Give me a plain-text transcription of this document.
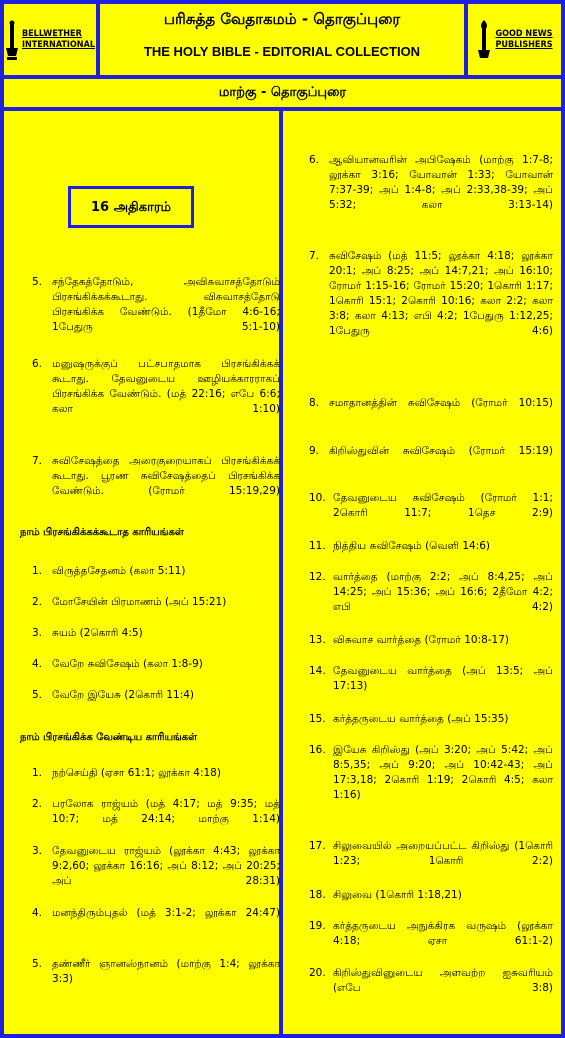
BELLWETHER
INTERNATIONAL
பரிசுத்த வேதாகமம் - தொகுப்புரை
THE HOLY BIBLE - EDITORIAL COLLECTION
GOOD NEWS
PUBLISHERS
மாற்கு - தொகுப்புரை
16 அதிகாரம்
5. சந்தேகத்தோடும், அவிசுவாசத்தோடும் பிரசங்கிக்கக்கூடாது. விசுவாசத்தோடு பிரசங்கிக்க வேண்டும். (1தீமோ 4:6-16; 1பேதுரு 5:1-10)
6. மனுஷருக்குப் பட்சபாதமாக பிரசங்கிக்கக் கூடாது. தேவனுடைய ஊழியக்காரராகப் பிரசங்கிக்க வேண்டும். (மத் 22:16; எபே 6:6; கலா 1:10)
7. சுவிசேஷத்தை அரைகுறையாகப் பிரசங்கிக்கக் கூடாது. பூரண சுவிசேஷத்தைப் பிரசங்கிக்க வேண்டும். (ரோமர் 15:19,29)
நாம் பிரசங்கிக்கக்கூடாத காரியங்கள்
1. விருத்தசேதனம் (கலா 5:11)
2. மோசேயின் பிரமாணம் (அப் 15:21)
3. சுயம் (2கொரி 4:5)
4. வேறே சுவிசேஷம் (கலா 1:8-9)
5. வேறே இயேசு (2கொரி 11:4)
நாம் பிரசங்கிக்க வேண்டிய காரியங்கள்
1. நற்செய்தி (ஏசா 61:1; லூக்கா 4:18)
2. பரலோக ராஜ்யம் (மத் 4:17; மத் 9:35; மத் 10:7; மத் 24:14; மாற்கு 1:14)
3. தேவனுடைய ராஜ்யம் (லூக்கா 4:43; லூக்கா 9:2,60; லூக்கா 16:16; அப் 8:12; அப் 20:25; அப் 28:31)
4. மனந்திரும்புதல் (மத் 3:1-2; லூக்கா 24:47)
5. தண்ணீர் ஞானஸ்நானம் (மாற்கு 1:4; லூக்கா 3:3)
6. ஆவியானவரின் அபிஷேகம் (மாற்கு 1:7-8; லூக்கா 3:16; யோவான் 1:33; யோவான் 7:37-39; அப் 1:4-8; அப் 2:33,38-39; அப் 5:32; கலா 3:13-14)
7. சுவிசேஷம் (மத் 11:5; லூக்கா 4:18; லூக்கா 20:1; அப் 8:25; அப் 14:7,21; அப் 16:10; ரோமர் 1:15-16; ரோமர் 15:20; 1கொரி 1:17; 1கொரி 15:1; 2கொரி 10:16; கலா 2:2; கலா 3:8; கலா 4:13; எபி 4:2; 1பேதுரு 1:12,25; 1பேதுரு 4:6)
8. சமாதானத்தின் சுவிசேஷம் (ரோமர் 10:15)
9. கிறிஸ்துவின் சுவிசேஷம் (ரோமர் 15:19)
10. தேவனுடைய சுவிசேஷம் (ரோமர் 1:1; 2கொரி 11:7; 1தெச 2:9)
11. நித்திய சுவிசேஷம் (வெளி 14:6)
12. வார்த்தை (மாற்கு 2:2; அப் 8:4,25; அப் 14:25; அப் 15:36; அப் 16:6; 2தீமோ 4:2; எபி 4:2)
13. விசுவாச வார்த்தை (ரோமர் 10:8-17)
14. தேவனுடைய வார்த்தை (அப் 13:5; அப் 17:13)
15. கர்த்தருடைய வார்த்தை (அப் 15:35)
16. இயேசு கிறிஸ்து (அப் 3:20; அப் 5:42; அப் 8:5,35; அப் 9:20; அப் 10:42-43; அப் 17:3,18; 2கொரி 1:19; 2கொரி 4:5; கலா 1:16)
17. சிலுவையில் அறையப்பட்ட கிறிஸ்து (1கொரி 1:23; 1கொரி 2:2)
18. சிலுவை (1கொரி 1:18,21)
19. கர்த்தருடைய அநுக்கிரக வருஷம் (லூக்கா 4:18; ஏசா 61:1-2)
20. கிறிஸ்துவினுடைய அளவற்ற ஐசுவரியம் (எபே 3:8)
